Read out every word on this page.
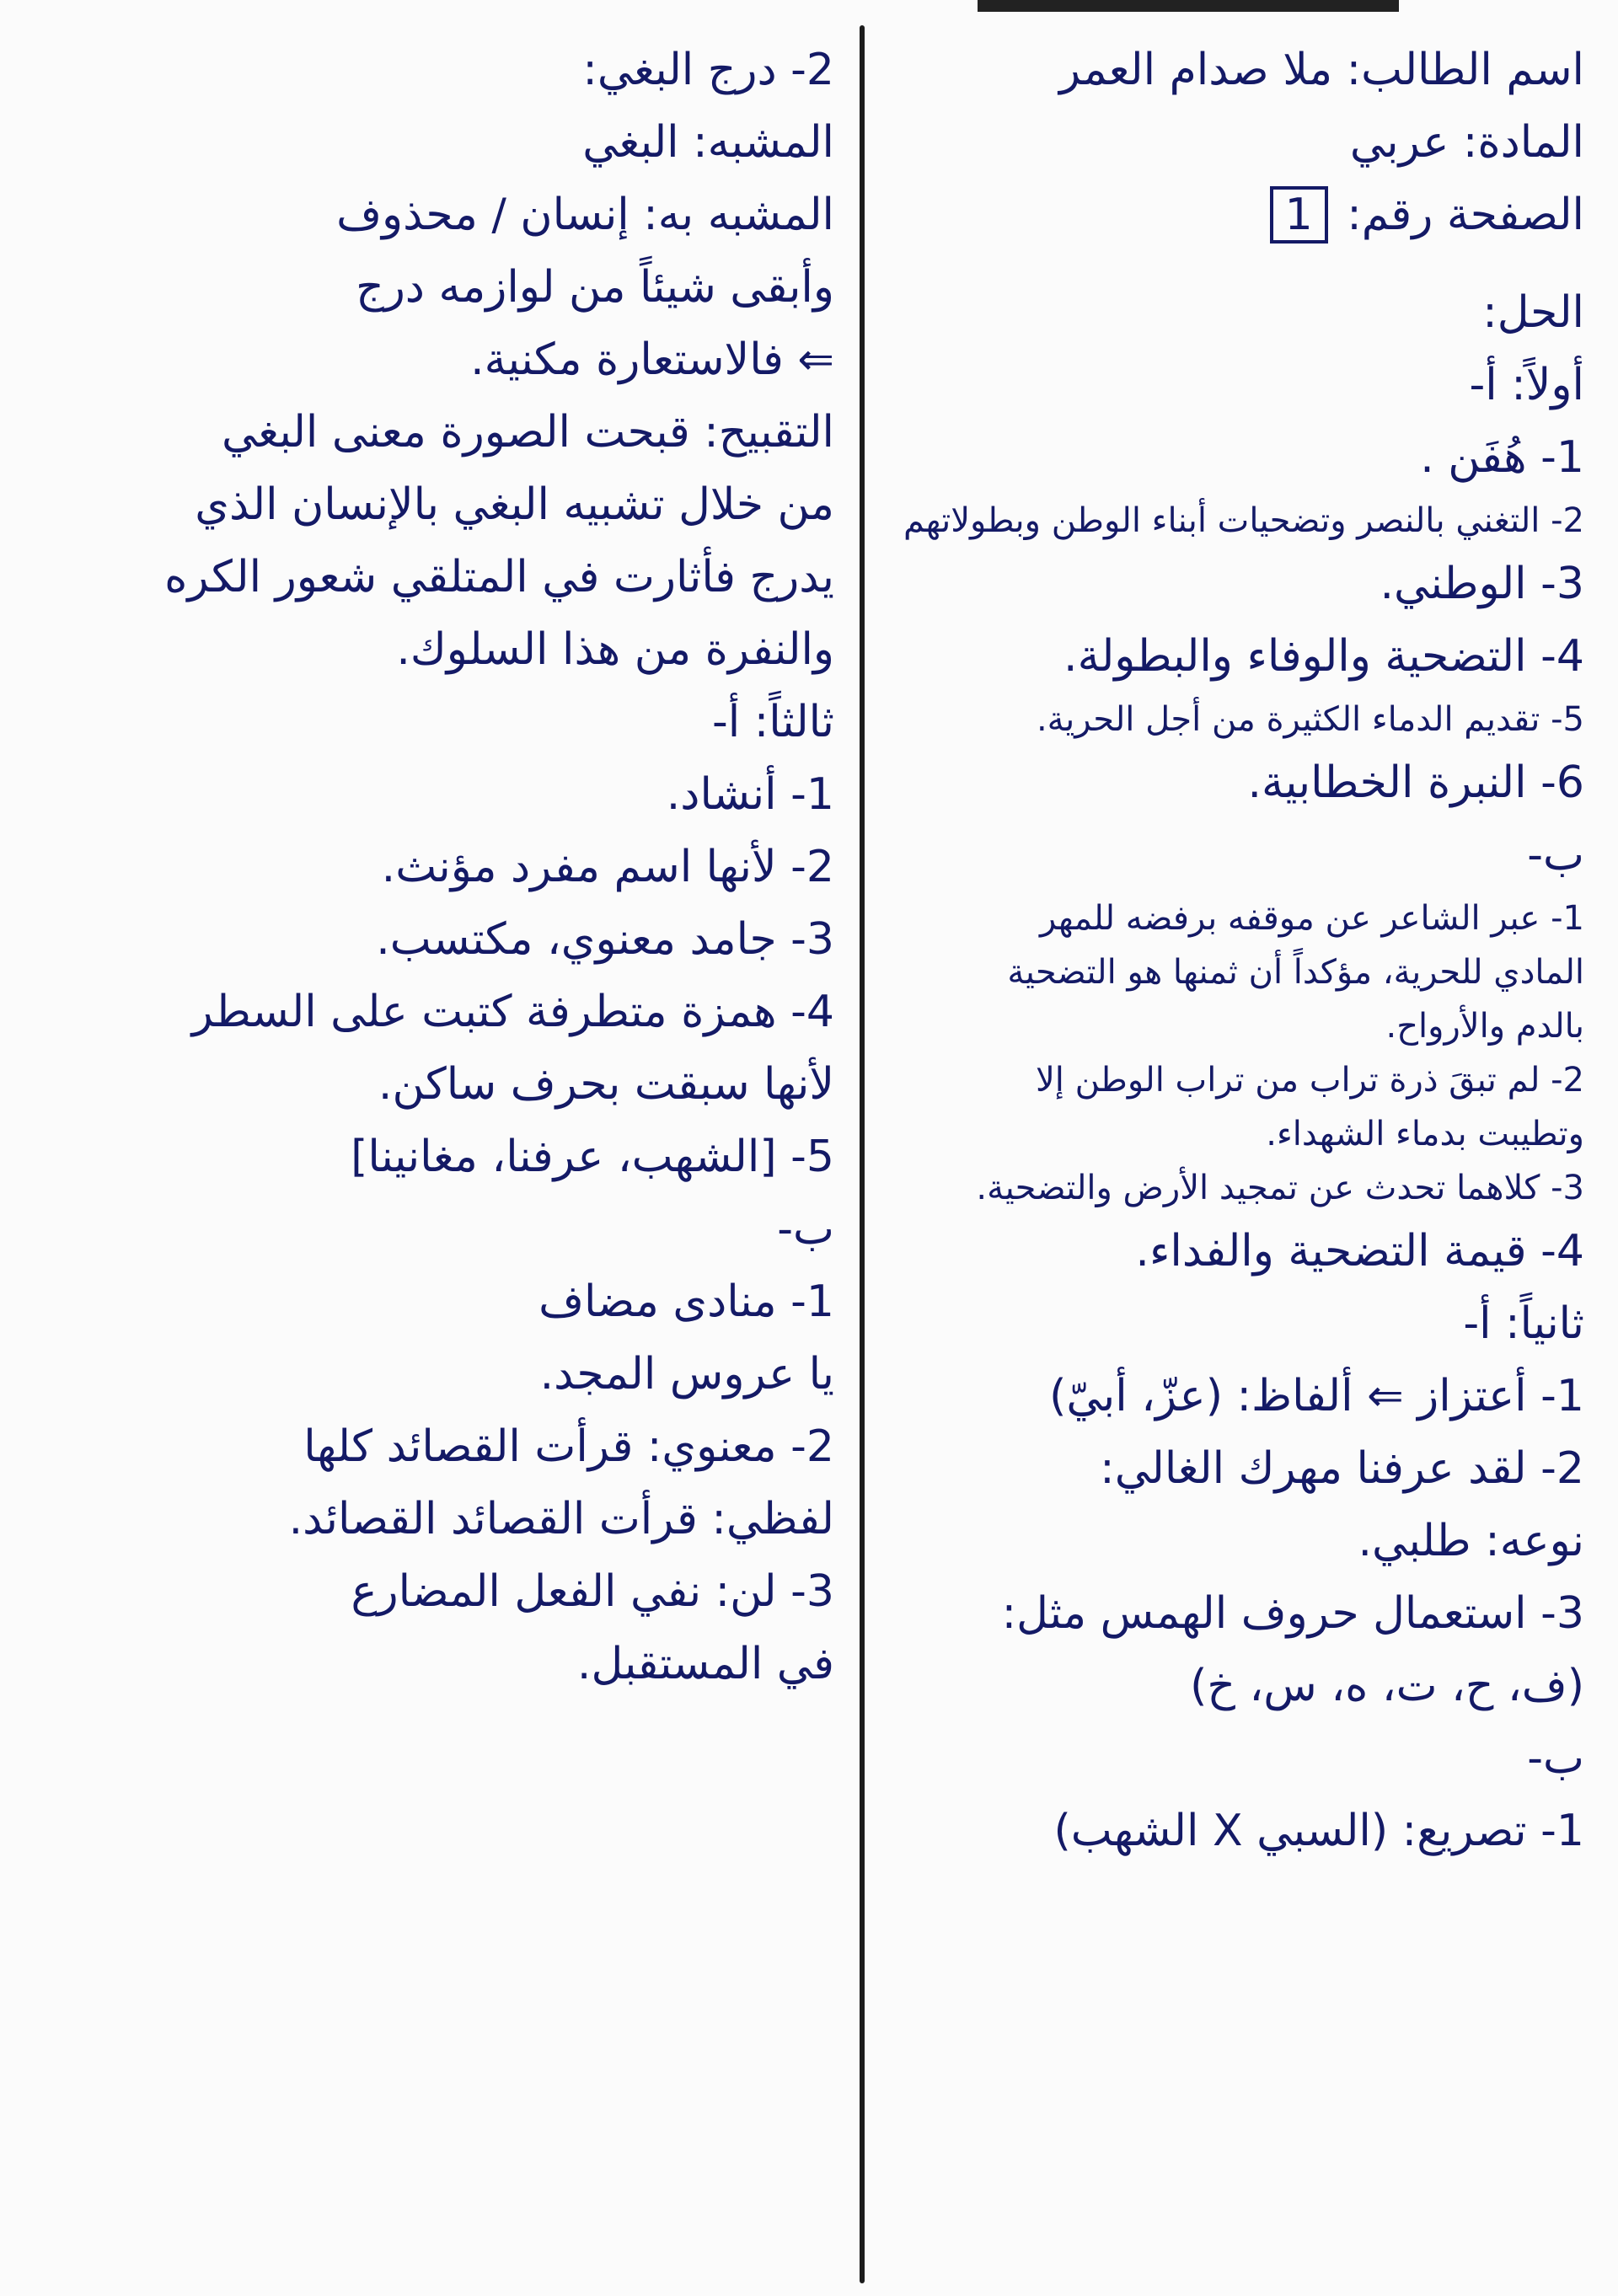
اسم الطالب: ملا صدام العمر
المادة: عربي
الصفحة رقم: 1
الحل:
أولاً: أ-
1- هُفَن .
2- التغني بالنصر وتضحيات أبناء الوطن وبطولاتهم
3- الوطني.
4- التضحية والوفاء والبطولة.
5- تقديم الدماء الكثيرة من أجل الحرية.
6- النبرة الخطابية.
ب-
1- عبر الشاعر عن موقفه برفضه للمهر
المادي للحرية، مؤكداً أن ثمنها هو التضحية
بالدم والأرواح.
2- لم تبقَ ذرة تراب من تراب الوطن إلا
وتطيبت بدماء الشهداء.
3- كلاهما تحدث عن تمجيد الأرض والتضحية.
4- قيمة التضحية والفداء.
ثانياً: أ-
1- أعتزاز ⇐ ألفاظ: (عزّ، أبيّ)
2- لقد عرفنا مهرك الغالي:
نوعه: طلبي.
3- استعمال حروف الهمس مثل:
(ف، ح، ت، ه، س، خ)
ب-
1- تصريع: (السبي X الشهب)
2- درج البغي:
المشبه: البغي
المشبه به: إنسان / محذوف
وأبقى شيئاً من لوازمه درج
⇐ فالاستعارة مكنية.
التقبيح: قبحت الصورة معنى البغي
من خلال تشبيه البغي بالإنسان الذي
يدرج فأثارت في المتلقي شعور الكره
والنفرة من هذا السلوك.
ثالثاً: أ-
1- أنشاد.
2- لأنها اسم مفرد مؤنث.
3- جامد معنوي، مكتسب.
4- همزة متطرفة كتبت على السطر
لأنها سبقت بحرف ساكن.
5- [الشهب، عرفنا، مغانينا]
ب-
1- منادى مضاف
يا عروس المجد.
2- معنوي: قرأت القصائد كلها
لفظي: قرأت القصائد القصائد.
3- لن: نفي الفعل المضارع
في المستقبل.
